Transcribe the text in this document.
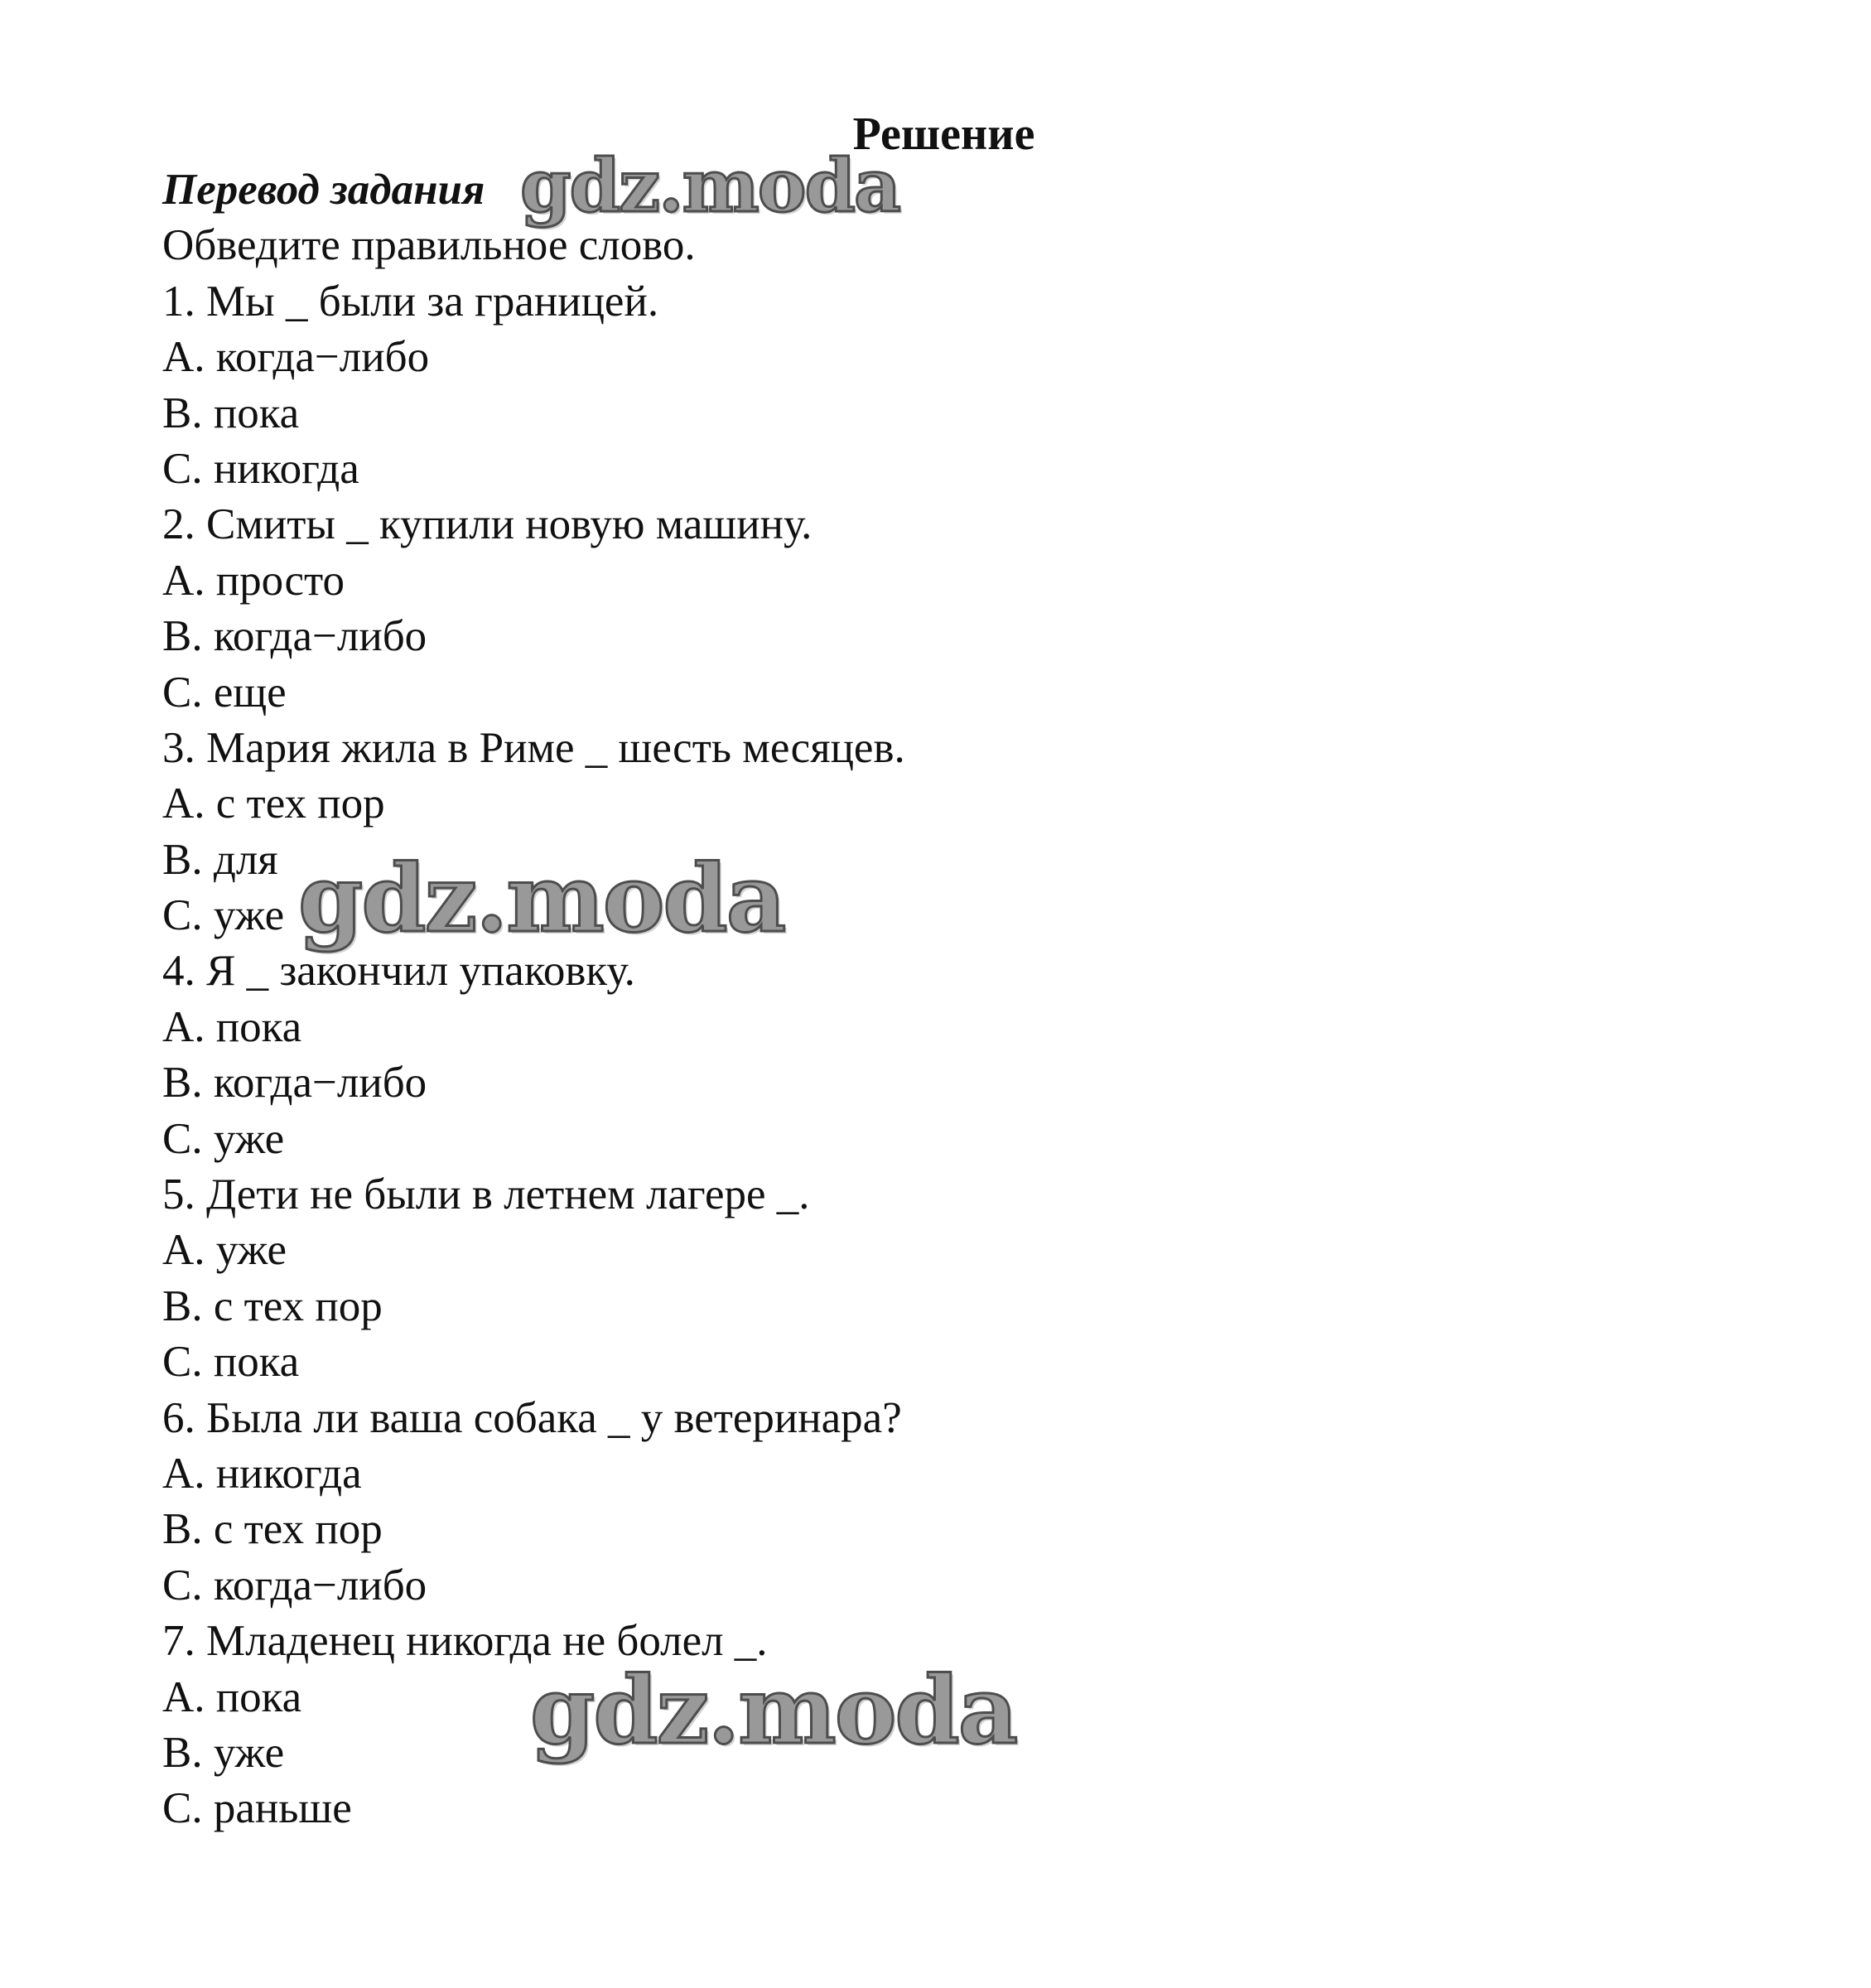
Решение
Перевод задания
Обведите правильное слово.
1. Мы _ были за границей.
A. когда−либо
B. пока
C. никогда
2. Смиты _ купили новую машину.
A. просто
B. когда−либо
C. еще
3. Мария жила в Риме _ шесть месяцев.
A. с тех пор
B. для
C. уже
4. Я _ закончил упаковку.
A. пока
B. когда−либо
C. уже
5. Дети не были в летнем лагере _.
A. уже
B. с тех пор
C. пока
6. Была ли ваша собака _ у ветеринара?
A. никогда
B. с тех пор
C. когда−либо
7. Младенец никогда не болел _.
A. пока
B. уже
C. раньше
gdz.moda
gdz.moda
gdz.moda
